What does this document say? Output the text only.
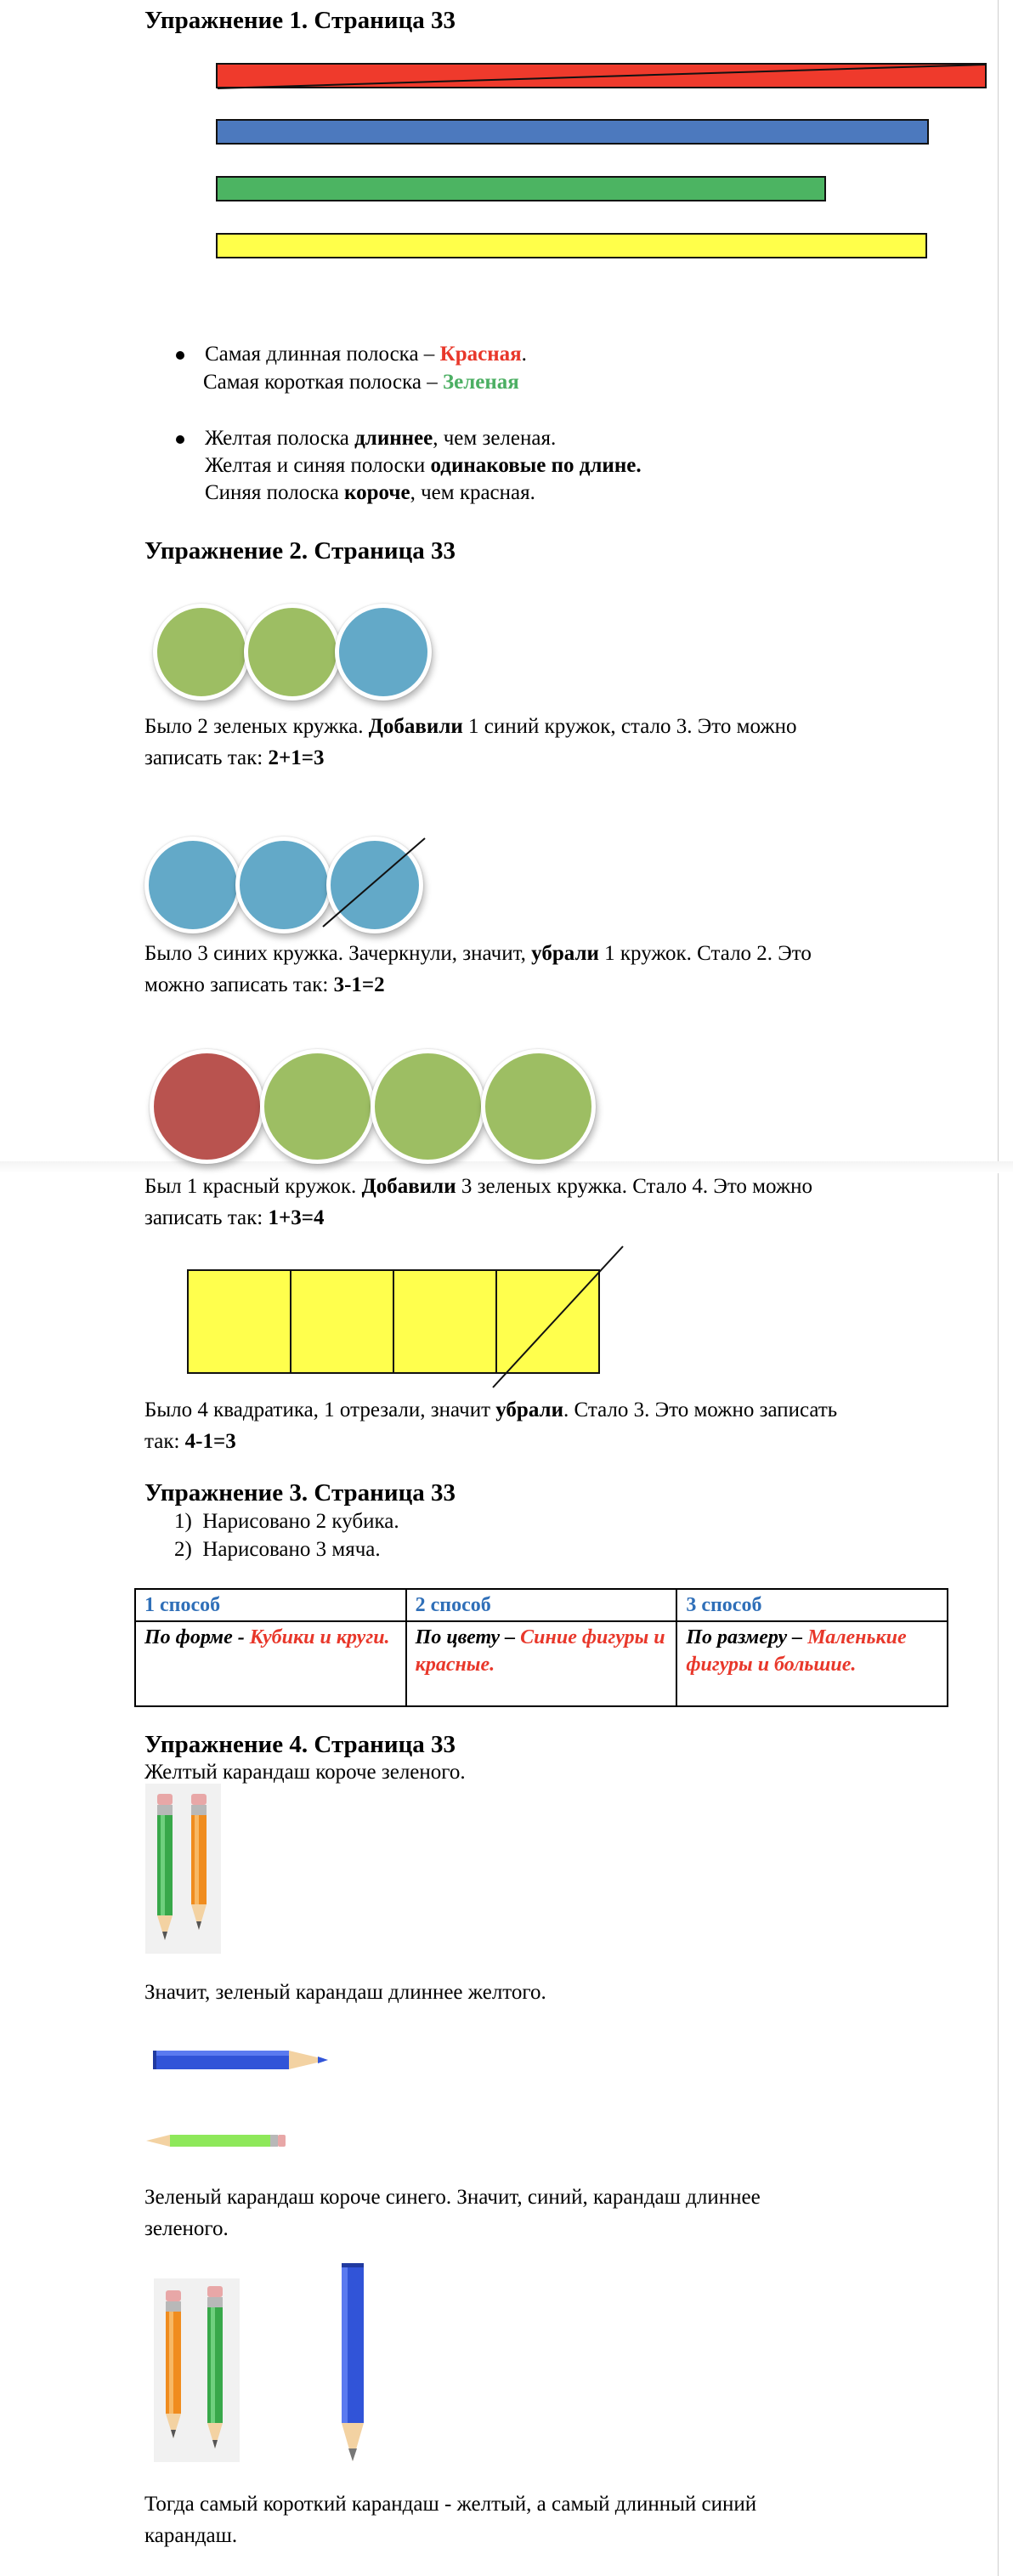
Упражнение 1. Страница 33
Самая длинная полоска – Красная.
Самая короткая полоска – Зеленая
Желтая полоска длиннее, чем зеленая.
Желтая и синяя полоски одинаковые по длине.
Синяя полоска короче, чем красная.
Упражнение 2. Страница 33
Было 2 зеленых кружка. Добавили 1 синий кружок, стало 3. Это можно
записать так: 2+1=3
Было 3 синих кружка. Зачеркнули, значит, убрали 1 кружок. Стало 2. Это
можно записать так: 3-1=2
Был 1 красный кружок. Добавили 3 зеленых кружка. Стало 4. Это можно
записать так: 1+3=4
Было 4 квадратика, 1 отрезали, значит убрали. Стало 3. Это можно записать
так: 4-1=3
Упражнение 3. Страница 33
1)  Нарисовано 2 кубика.
2)  Нарисовано 3 мяча.
1 способ	2 способ	3 способ
По форме - Кубики и круги.	По цвету – Синие фигуры и красные.	По размеру – Маленькие фигуры и большие.
Упражнение 4. Страница 33
Желтый карандаш короче зеленого.
Значит, зеленый карандаш длиннее желтого.
Зеленый карандаш короче синего. Значит, синий, карандаш длиннее
зеленого.
Тогда самый короткий карандаш - желтый, а самый длинный синий
карандаш.
